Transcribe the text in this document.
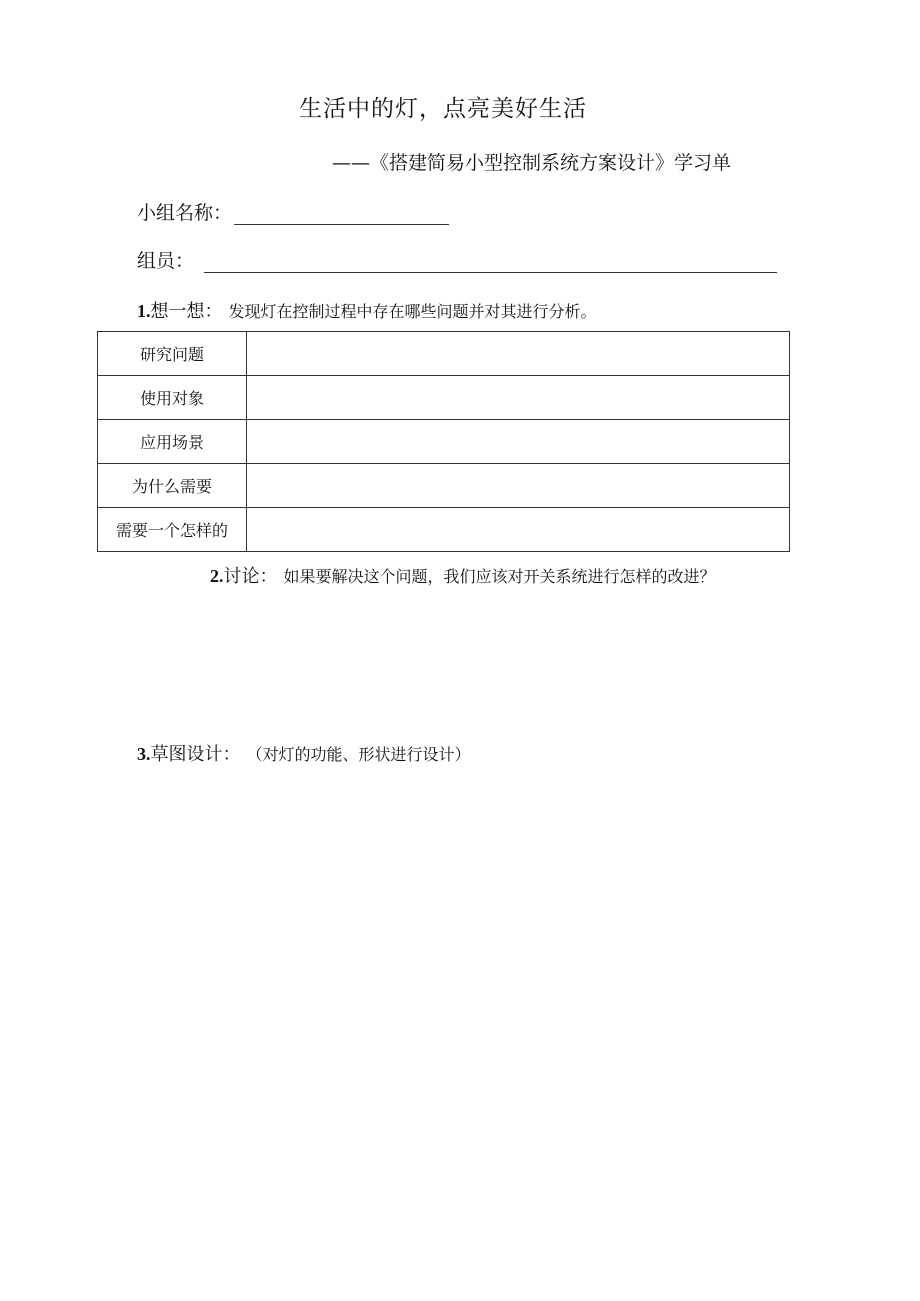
生活中的灯，点亮美好生活
——《搭建简易小型控制系统方案设计》学习单
小组名称：
组员：
1.想一想： 发现灯在控制过程中存在哪些问题并对其进行分析。
研究问题	
使用对象	
应用场景	
为什么需要	
需要一个怎样的	
2.讨论： 如果要解决这个问题，我们应该对开关系统进行怎样的改进？
3.草图设计： （对灯的功能、形状进行设计）
